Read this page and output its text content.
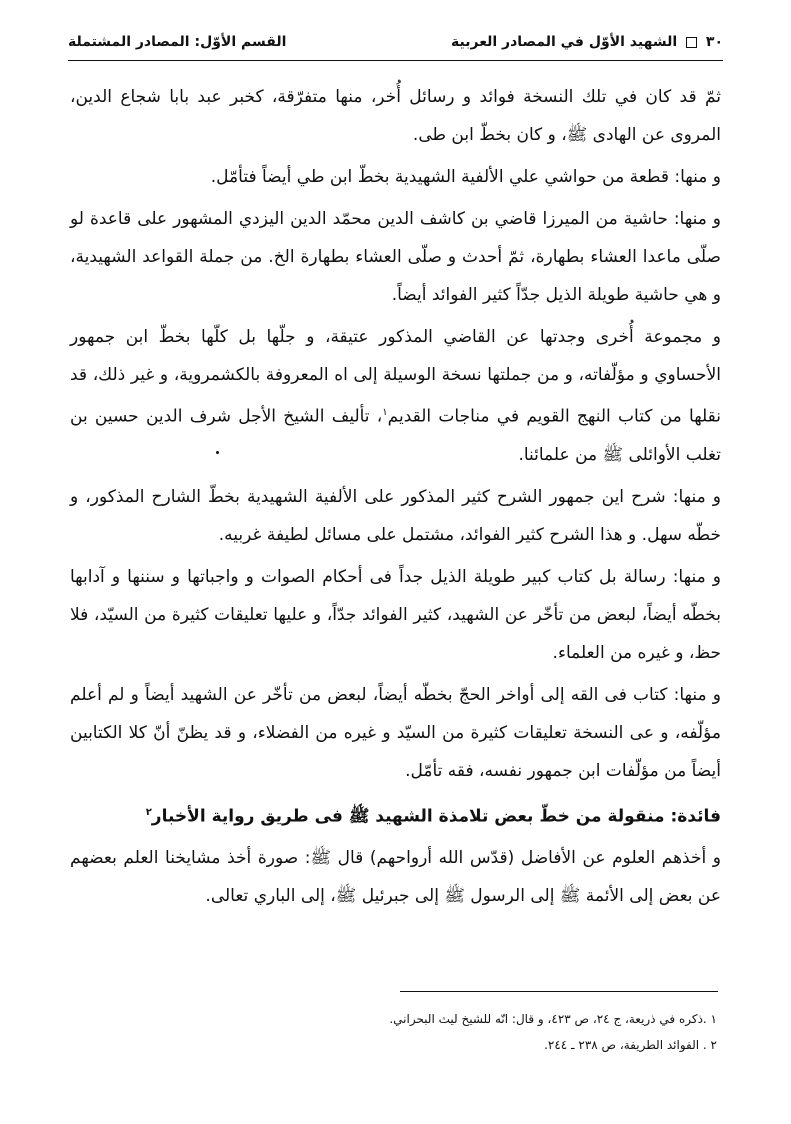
٣٠  الشهيد الأوّل في المصادر العربية
القسم الأوّل: المصادر المشتملة

ثمّ قد كان في تلك النسخة فوائد و رسائل أُخر، منها متفرّقة، كخبر عبد بابا شجاع الدين، المروى عن الهادى ﷺ، و كان بخطّ ابن طى.

و منها: قطعة من حواشي علي الألفية الشهيدية بخطّ ابن طي أيضاً فتأمّل.

و منها: حاشية من الميرزا قاضي بن كاشف الدين محمّد الدين اليزدي المشهور على قاعدة لو صلّى ماعدا العشاء بطهارة، ثمّ أحدث و صلّى العشاء بطهارة الخ. من جملة القواعد الشهيدية، و هي حاشية طويلة الذيل جدّاً كثير الفوائد أيضاً.

و مجموعة أُخرى وجدتها عن القاضي المذكور عتيقة، و جلّها بل كلّها بخطّ ابن جمهور الأحساوي و مؤلّفاته، و من جملتها نسخة الوسيلة إلى اه المعروفة بالكشمروية، و غير ذلك، قد نقلها من كتاب النهج القويم في مناجات القديم$^١$، تأليف الشيخ الأجل شرف الدين حسين بن تغلب الأوائلى ﷺ من علمائنا.

و منها: شرح اين جمهور الشرح كثير المذكور على الألفية الشهيدية بخطّ الشارح المذكور، و خطّه سهل. و هذا الشرح كثير الفوائد، مشتمل على مسائل لطيفة غربيه.

و منها: رسالة بل كتاب كبير طويلة الذيل جداً فى أحكام الصوات و واجباتها و سننها و آدابها بخطّه أيضاً، لبعض من تأخّر عن الشهيد، كثير الفوائد جدّاً، و عليها تعليقات كثيرة من السيّد، فلا حظ، و غيره من العلماء.

و منها: كتاب فى القه إلى أواخر الحجّ بخطّه أيضاً، لبعض من تأخّر عن الشهيد أيضاً و لم أعلم مؤلّفه، و عى النسخة تعليقات كثيرة من السيّد و غيره من الفضلاء، و قد يظنّ أنّ كلا الكتابين أيضاً من مؤلّفات ابن جمهور نفسه، فقه تأمّل.

فائدة: منقولة من خطّ بعض تلامذة الشهيد ﷺ فى طريق رواية الأخبار$^٢$

و أخذهم العلوم عن الأفاضل (قدّس الله أرواحهم) قال ﷺ: صورة أخذ مشايخنا العلم بعضهم عن بعض إلى الأئمة ﷺ إلى الرسول ﷺ إلى جبرئيل ﷺ، إلى الباري تعالى.

١ .ذكره في ذريعة، ج ٢٤، ص ٤٢٣، و قال: انّه للشيخ ليث البحراني.
٢ . الفوائد الطريفة، ص ٢٣٨ ـ ٢٤٤.
